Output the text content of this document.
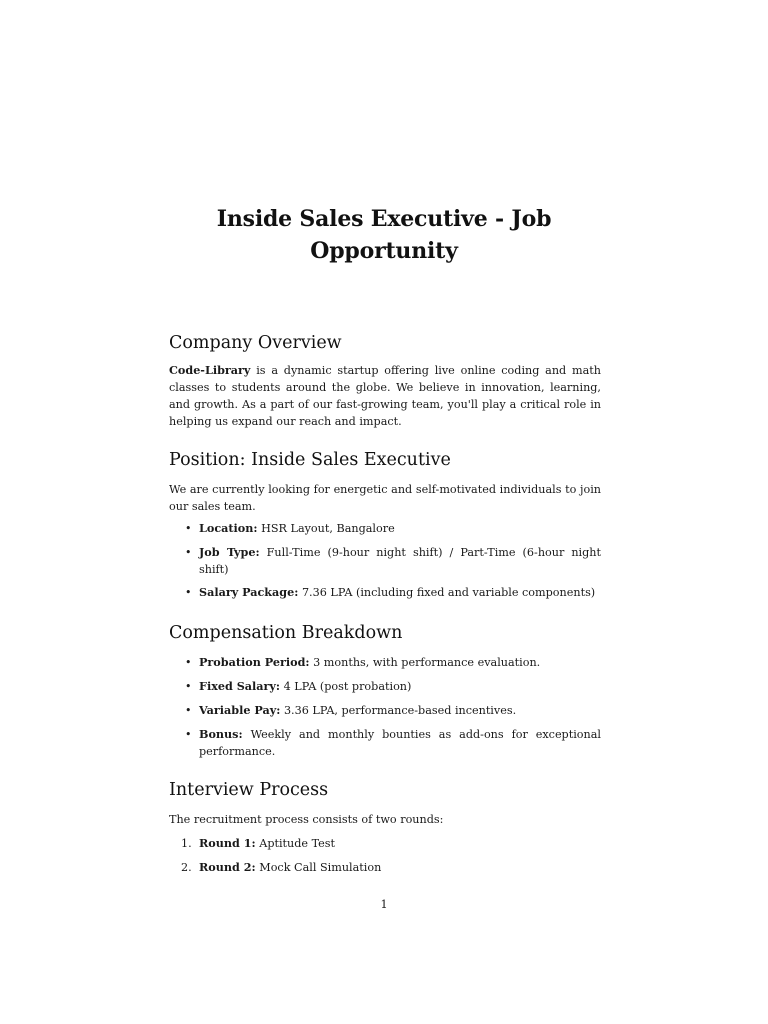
Inside Sales Executive - Job Opportunity
Company Overview
Code-Library is a dynamic startup offering live online coding and math classes to students around the globe. We believe in innovation, learning, and growth. As a part of our fast-growing team, you'll play a critical role in helping us expand our reach and impact.
Position: Inside Sales Executive
We are currently looking for energetic and self-motivated individuals to join our sales team.
• Location: HSR Layout, Bangalore
• Job Type: Full-Time (9-hour night shift) / Part-Time (6-hour night shift)
• Salary Package: 7.36 LPA (including fixed and variable components)
Compensation Breakdown
• Probation Period: 3 months, with performance evaluation.
• Fixed Salary: 4 LPA (post probation)
• Variable Pay: 3.36 LPA, performance-based incentives.
• Bonus: Weekly and monthly bounties as add-ons for exceptional performance.
Interview Process
The recruitment process consists of two rounds:
1. Round 1: Aptitude Test
2. Round 2: Mock Call Simulation
1
